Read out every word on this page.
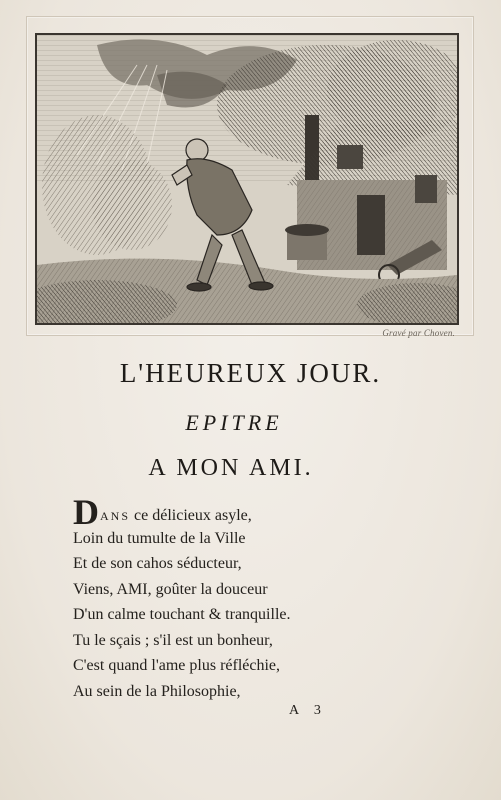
Gravé par Choven.
L'HEUREUX JOUR.
EPITRE
A MON AMI.
DANS ce délicieux asyle,
Loin du tumulte de la Ville
Et de son cahos séducteur,
Viens, AMI, goûter la douceur
D'un calme touchant & tranquille.
Tu le sçais ; s'il est un bonheur,
C'est quand l'ame plus réfléchie,
Au sein de la Philosophie,
A 3
